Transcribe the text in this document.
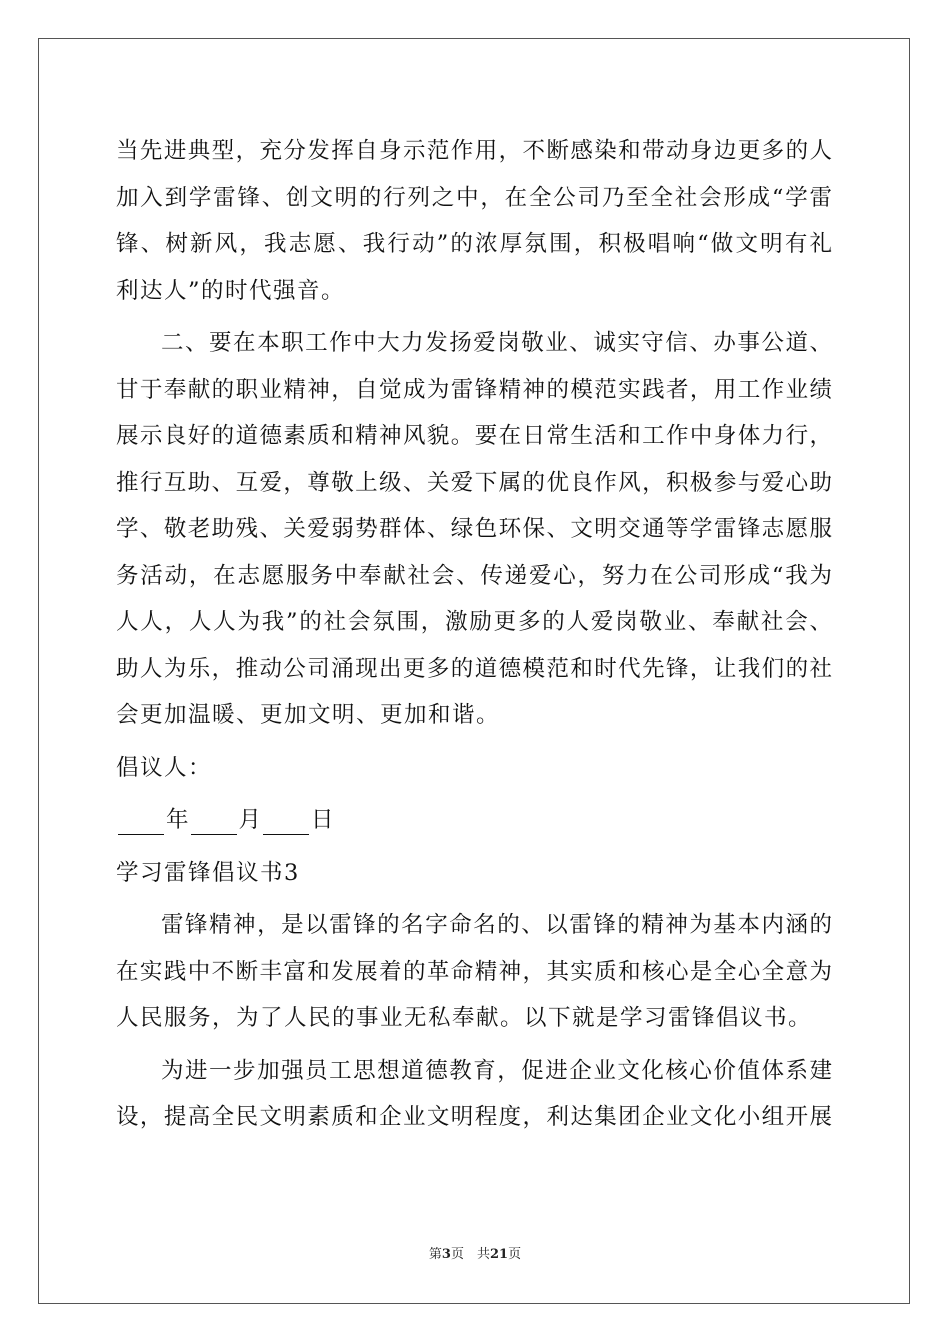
当先进典型，充分发挥自身示范作用，不断感染和带动身边更多的人
加入到学雷锋、创文明的行列之中，在全公司乃至全社会形成“学雷
锋、树新风，我志愿、我行动”的浓厚氛围，积极唱响“做文明有礼
利达人”的时代强音。
二、要在本职工作中大力发扬爱岗敬业、诚实守信、办事公道、
甘于奉献的职业精神，自觉成为雷锋精神的模范实践者，用工作业绩
展示良好的道德素质和精神风貌。要在日常生活和工作中身体力行，
推行互助、互爱，尊敬上级、关爱下属的优良作风，积极参与爱心助
学、敬老助残、关爱弱势群体、绿色环保、文明交通等学雷锋志愿服
务活动，在志愿服务中奉献社会、传递爱心，努力在公司形成“我为
人人，人人为我”的社会氛围，激励更多的人爱岗敬业、奉献社会、
助人为乐，推动公司涌现出更多的道德模范和时代先锋，让我们的社
会更加温暖、更加文明、更加和谐。
倡议人：
年 月 日
学习雷锋倡议书3
雷锋精神，是以雷锋的名字命名的、以雷锋的精神为基本内涵的
在实践中不断丰富和发展着的革命精神，其实质和核心是全心全意为
人民服务，为了人民的事业无私奉献。以下就是学习雷锋倡议书。
为进一步加强员工思想道德教育，促进企业文化核心价值体系建
设，提高全民文明素质和企业文明程度，利达集团企业文化小组开展
第3页　共21页
